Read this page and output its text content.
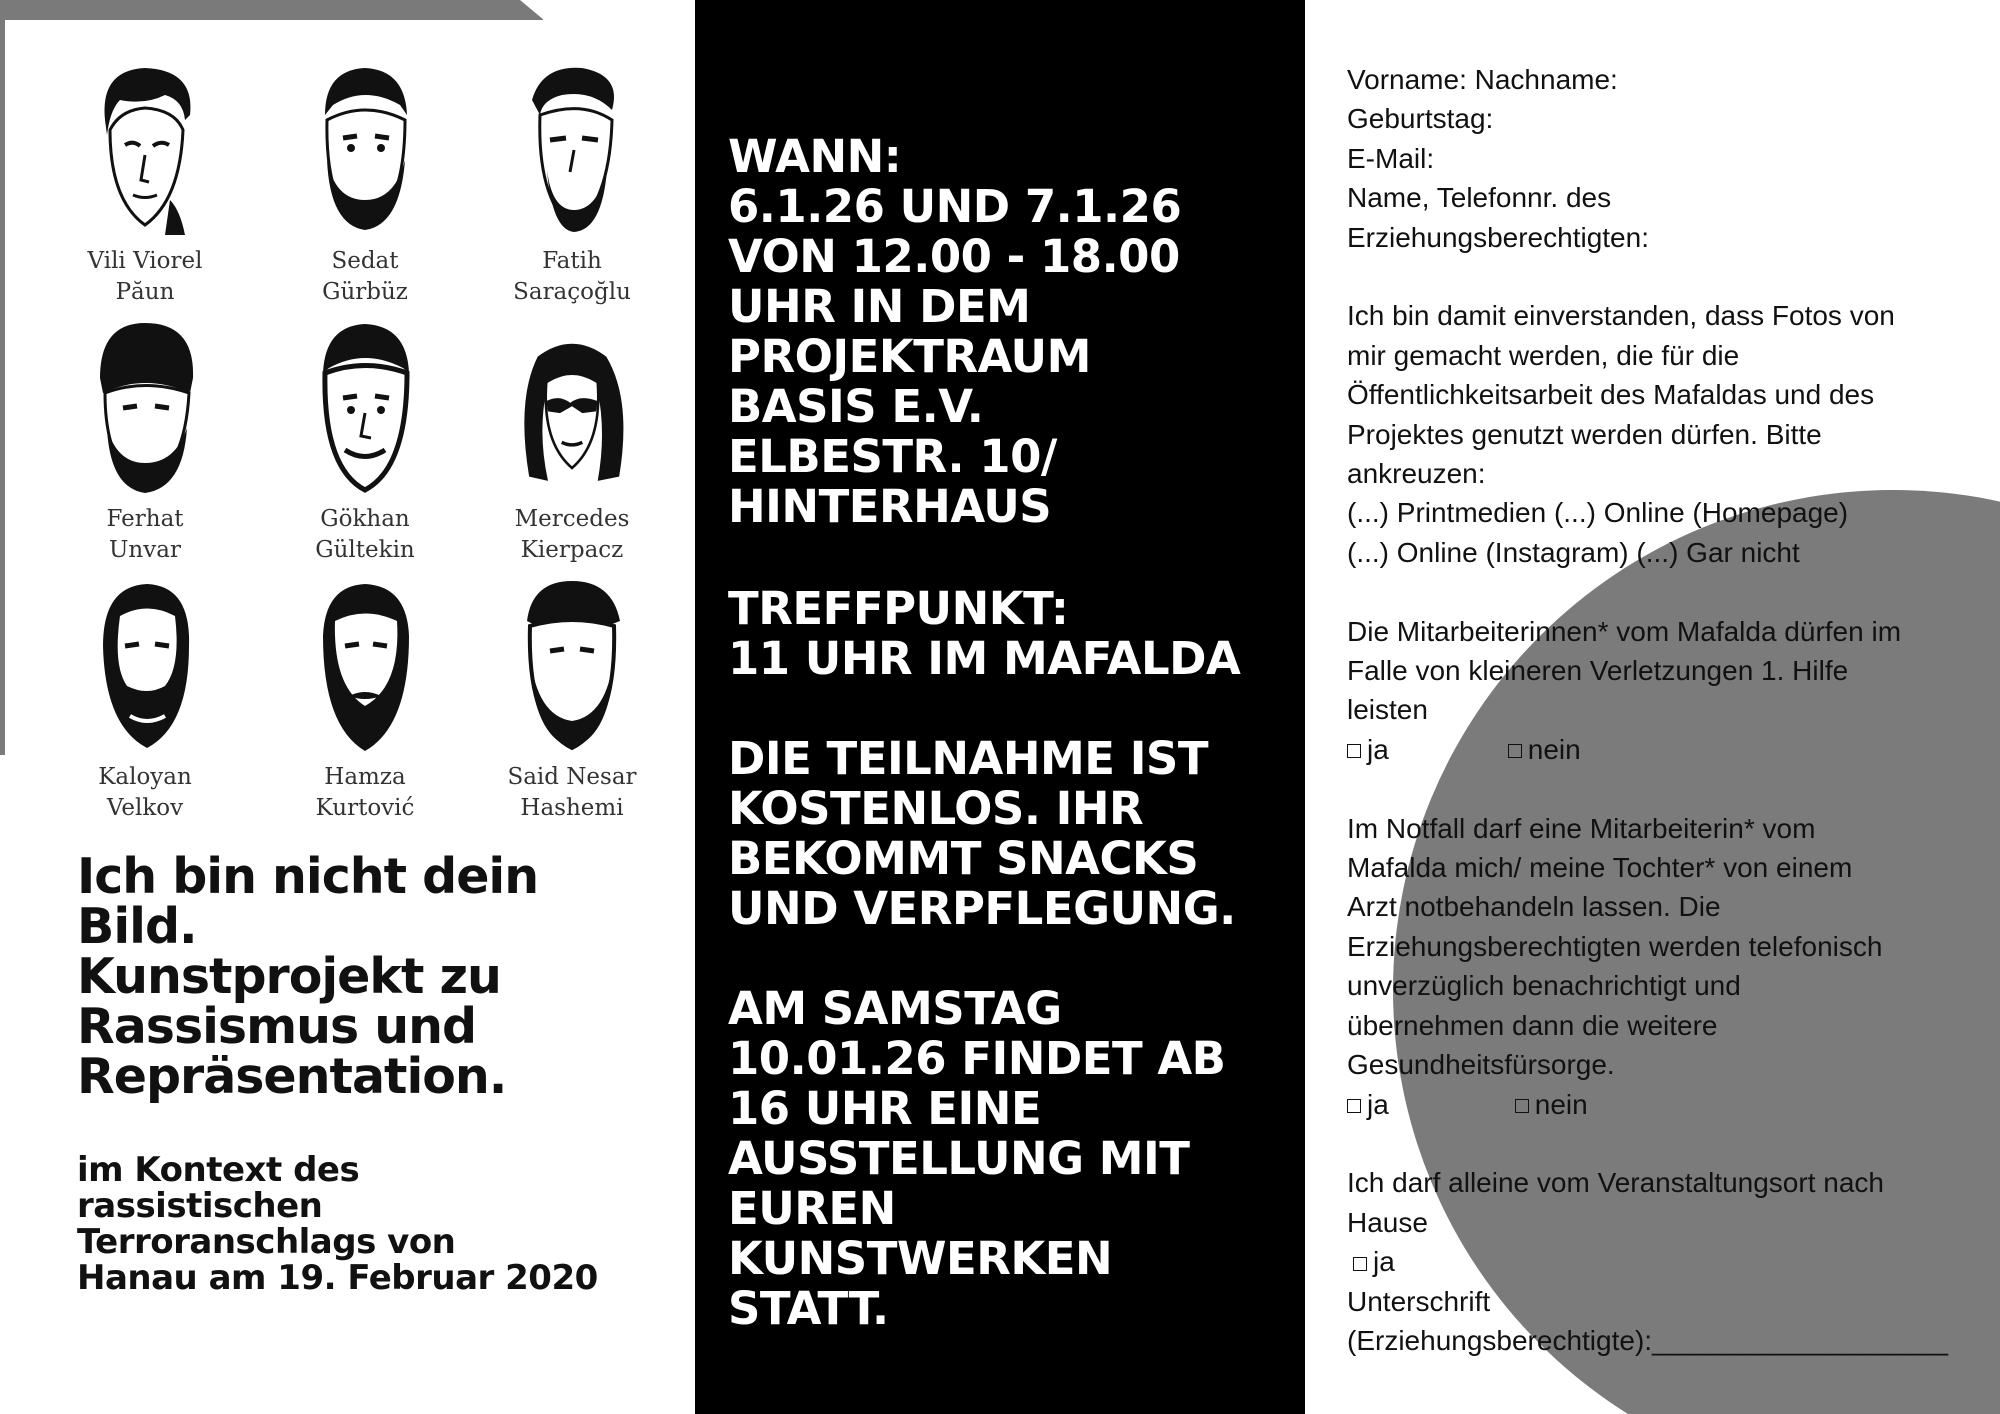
Vili Viorel
Păun
Sedat
Gürbüz
Fatih
Saraçoğlu
Ferhat
Unvar
Gökhan
Gültekin
Mercedes
Kierpacz
Kaloyan
Velkov
Hamza
Kurtović
Said Nesar
Hashemi
Ich bin nicht dein
Bild.
Kunstprojekt zu
Rassismus und
Repräsentation.
im Kontext des
rassistischen
Terroranschlags von
Hanau am 19. Februar 2020
WANN:
6.1.26 UND 7.1.26
VON 12.00 - 18.00
UHR IN DEM
PROJEKTRAUM
BASIS E.V.
ELBESTR. 10/
HINTERHAUS
TREFFPUNKT:
11 UHR IM MAFALDA
DIE TEILNAHME IST
KOSTENLOS. IHR
BEKOMMT SNACKS
UND VERPFLEGUNG.
AM SAMSTAG
10.01.26 FINDET AB
16 UHR EINE
AUSSTELLUNG MIT
EUREN
KUNSTWERKEN
STATT.
Vorname: Nachname:
Geburtstag:
E-Mail:
Name, Telefonnr. des
Erziehungsberechtigten:
Ich bin damit einverstanden, dass Fotos von
mir gemacht werden, die für die
Öffentlichkeitsarbeit des Mafaldas und des
Projektes genutzt werden dürfen. Bitte
ankreuzen:
(...) Printmedien (...) Online (Homepage)
(...) Online (Instagram) (...) Gar nicht
Die Mitarbeiterinnen* vom Mafalda dürfen im
Falle von kleineren Verletzungen 1. Hilfe
leisten
ja	nein
Im Notfall darf eine Mitarbeiterin* vom
Mafalda mich/ meine Tochter* von einem
Arzt notbehandeln lassen. Die
Erziehungsberechtigten werden telefonisch
unverzüglich benachrichtigt und
übernehmen dann die weitere
Gesundheitsfürsorge.
ja	nein
Ich darf alleine vom Veranstaltungsort nach
Hause
ja
Unterschrift
(Erziehungsberechtigte):___________________
